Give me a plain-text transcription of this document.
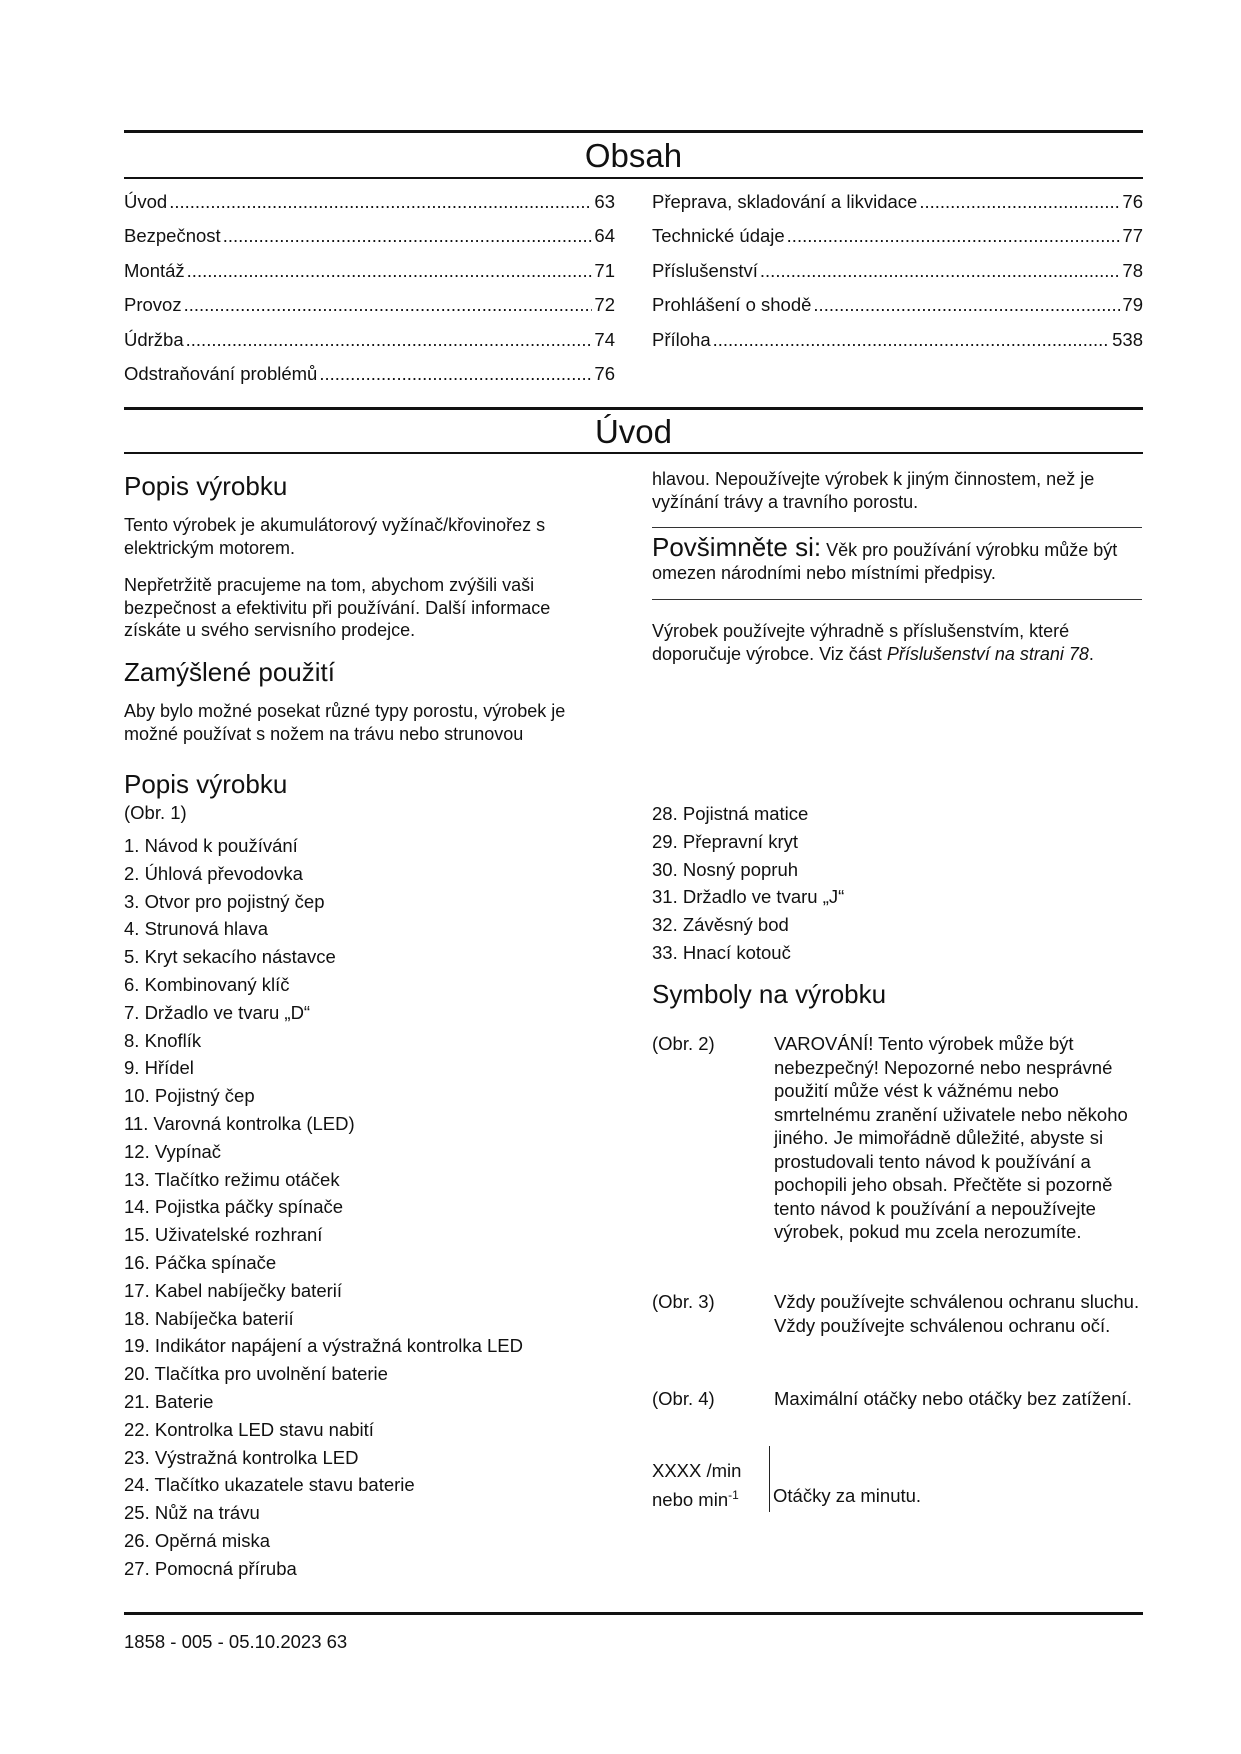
Obsah
Úvod .....	63
Bezpečnost .....	64
Montáž .....	71
Provoz .....	72
Údržba .....	74
Odstraňování problémů .....	76
Přeprava, skladování a likvidace .....	76
Technické údaje .....	77
Příslušenství .....	78
Prohlášení o shodě .....	79
Příloha .....	538
Úvod
Popis výrobku
Tento výrobek je akumulátorový vyžínač/křovinořez s elektrickým motorem.
Nepřetržitě pracujeme na tom, abychom zvýšili vaši bezpečnost a efektivitu při používání. Další informace získáte u svého servisního prodejce.
Zamýšlené použití
Aby bylo možné posekat různé typy porostu, výrobek je možné používat s nožem na trávu nebo strunovou
hlavou. Nepoužívejte výrobek k jiným činnostem, než je vyžínání trávy a travního porostu.
Povšimněte si: Věk pro používání výrobku může být omezen národními nebo místními předpisy.
Výrobek používejte výhradně s příslušenstvím, které doporučuje výrobce. Viz část Příslušenství na strani 78.
Popis výrobku
(Obr. 1)
1. Návod k používání
2. Úhlová převodovka
3. Otvor pro pojistný čep
4. Strunová hlava
5. Kryt sekacího nástavce
6. Kombinovaný klíč
7. Držadlo ve tvaru „D“
8. Knoflík
9. Hřídel
10. Pojistný čep
11. Varovná kontrolka (LED)
12. Vypínač
13. Tlačítko režimu otáček
14. Pojistka páčky spínače
15. Uživatelské rozhraní
16. Páčka spínače
17. Kabel nabíječky baterií
18. Nabíječka baterií
19. Indikátor napájení a výstražná kontrolka LED
20. Tlačítka pro uvolnění baterie
21. Baterie
22. Kontrolka LED stavu nabití
23. Výstražná kontrolka LED
24. Tlačítko ukazatele stavu baterie
25. Nůž na trávu
26. Opěrná miska
27. Pomocná příruba
28. Pojistná matice
29. Přepravní kryt
30. Nosný popruh
31. Držadlo ve tvaru „J“
32. Závěsný bod
33. Hnací kotouč
Symboly na výrobku
(Obr. 2)	VAROVÁNÍ! Tento výrobek může být nebezpečný! Nepozorné nebo nesprávné použití může vést k vážnému nebo smrtelnému zranění uživatele nebo někoho jiného. Je mimořádně důležité, abyste si prostudovali tento návod k používání a pochopili jeho obsah. Přečtěte si pozorně tento návod k používání a nepoužívejte výrobek, pokud mu zcela nerozumíte.
(Obr. 3)	Vždy používejte schválenou ochranu sluchu. Vždy používejte schválenou ochranu očí.
(Obr. 4)	Maximální otáčky nebo otáčky bez zatížení.
XXXX /min
nebo $\min^{-1}$ Otáčky za minutu.
1858 - 005 - 05.10.2023 63
